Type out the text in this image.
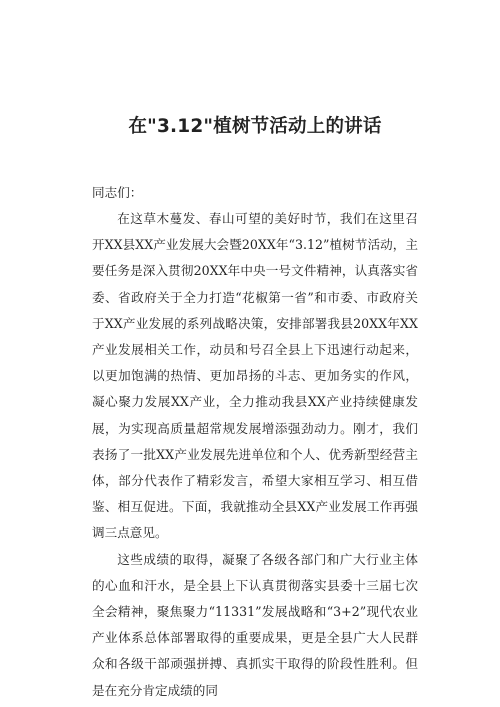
在"3.12"植树节活动上的讲话

同志们：

在这草木蔓发、春山可望的美好时节，我们在这里召开XX县XX产业发展大会暨20XX年“3.12”植树节活动，主要任务是深入贯彻20XX年中央一号文件精神，认真落实省委、省政府关于全力打造“花椒第一省”和市委、市政府关于XX产业发展的系列战略决策，安排部署我县20XX年XX产业发展相关工作，动员和号召全县上下迅速行动起来，以更加饱满的热情、更加昂扬的斗志、更加务实的作风，凝心聚力发展XX产业，全力推动我县XX产业持续健康发展，为实现高质量超常规发展增添强劲动力。刚才，我们表扬了一批XX产业发展先进单位和个人、优秀新型经营主体，部分代表作了精彩发言，希望大家相互学习、相互借鉴、相互促进。下面，我就推动全县XX产业发展工作再强调三点意见。

这些成绩的取得，凝聚了各级各部门和广大行业主体的心血和汗水，是全县上下认真贯彻落实县委十三届七次全会精神，聚焦聚力“11331”发展战略和“3+2”现代农业产业体系总体部署取得的重要成果，更是全县广大人民群众和各级干部顽强拼搏、真抓实干取得的阶段性胜利。但是在充分肯定成绩的同
